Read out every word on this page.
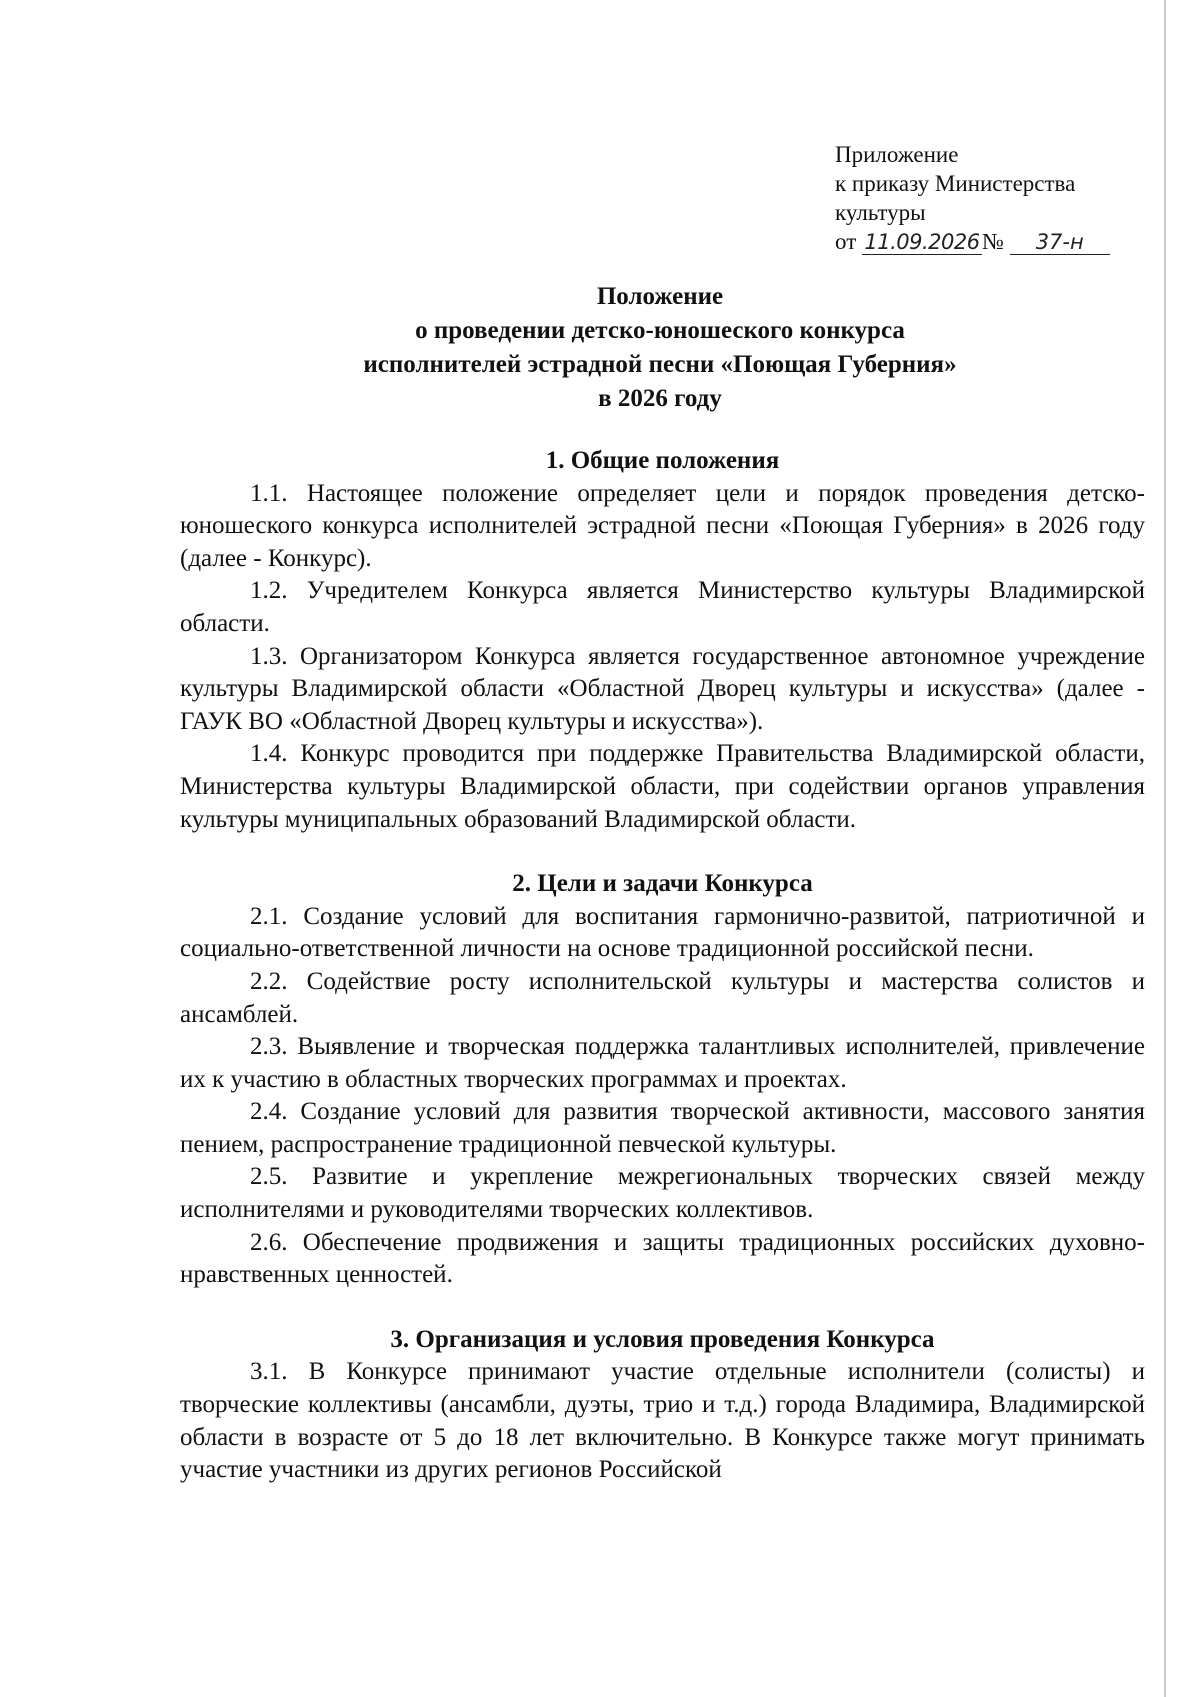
Приложение
к приказу Министерства
культуры
от 11.09.2026 № 37-н
Положение
о проведении детско-юношеского конкурса
исполнителей эстрадной песни «Поющая Губерния»
в 2026 году

1. Общие положения

1.1. Настоящее положение определяет цели и порядок проведения детско-юношеского конкурса исполнителей эстрадной песни «Поющая Губерния» в 2026 году (далее - Конкурс).

1.2. Учредителем Конкурса является Министерство культуры Владимирской области.

1.3. Организатором Конкурса является государственное автономное учреждение культуры Владимирской области «Областной Дворец культуры и искусства» (далее - ГАУК ВО «Областной Дворец культуры и искусства»).

1.4. Конкурс проводится при поддержке Правительства Владимирской области, Министерства культуры Владимирской области, при содействии органов управления культуры муниципальных образований Владимирской области.

2. Цели и задачи Конкурса

2.1. Создание условий для воспитания гармонично-развитой, патриотичной и социально-ответственной личности на основе традиционной российской песни.

2.2. Содействие росту исполнительской культуры и мастерства солистов и ансамблей.

2.3. Выявление и творческая поддержка талантливых исполнителей, привлечение их к участию в областных творческих программах и проектах.

2.4. Создание условий для развития творческой активности, массового занятия пением, распространение традиционной певческой культуры.

2.5. Развитие и укрепление межрегиональных творческих связей между исполнителями и руководителями творческих коллективов.

2.6. Обеспечение продвижения и защиты традиционных российских духовно-нравственных ценностей.

3. Организация и условия проведения Конкурса

3.1. В Конкурсе принимают участие отдельные исполнители (солисты) и творческие коллективы (ансамбли, дуэты, трио и т.д.) города Владимира, Владимирской области в возрасте от 5 до 18 лет включительно. В Конкурсе также могут принимать участие участники из других регионов Российской
